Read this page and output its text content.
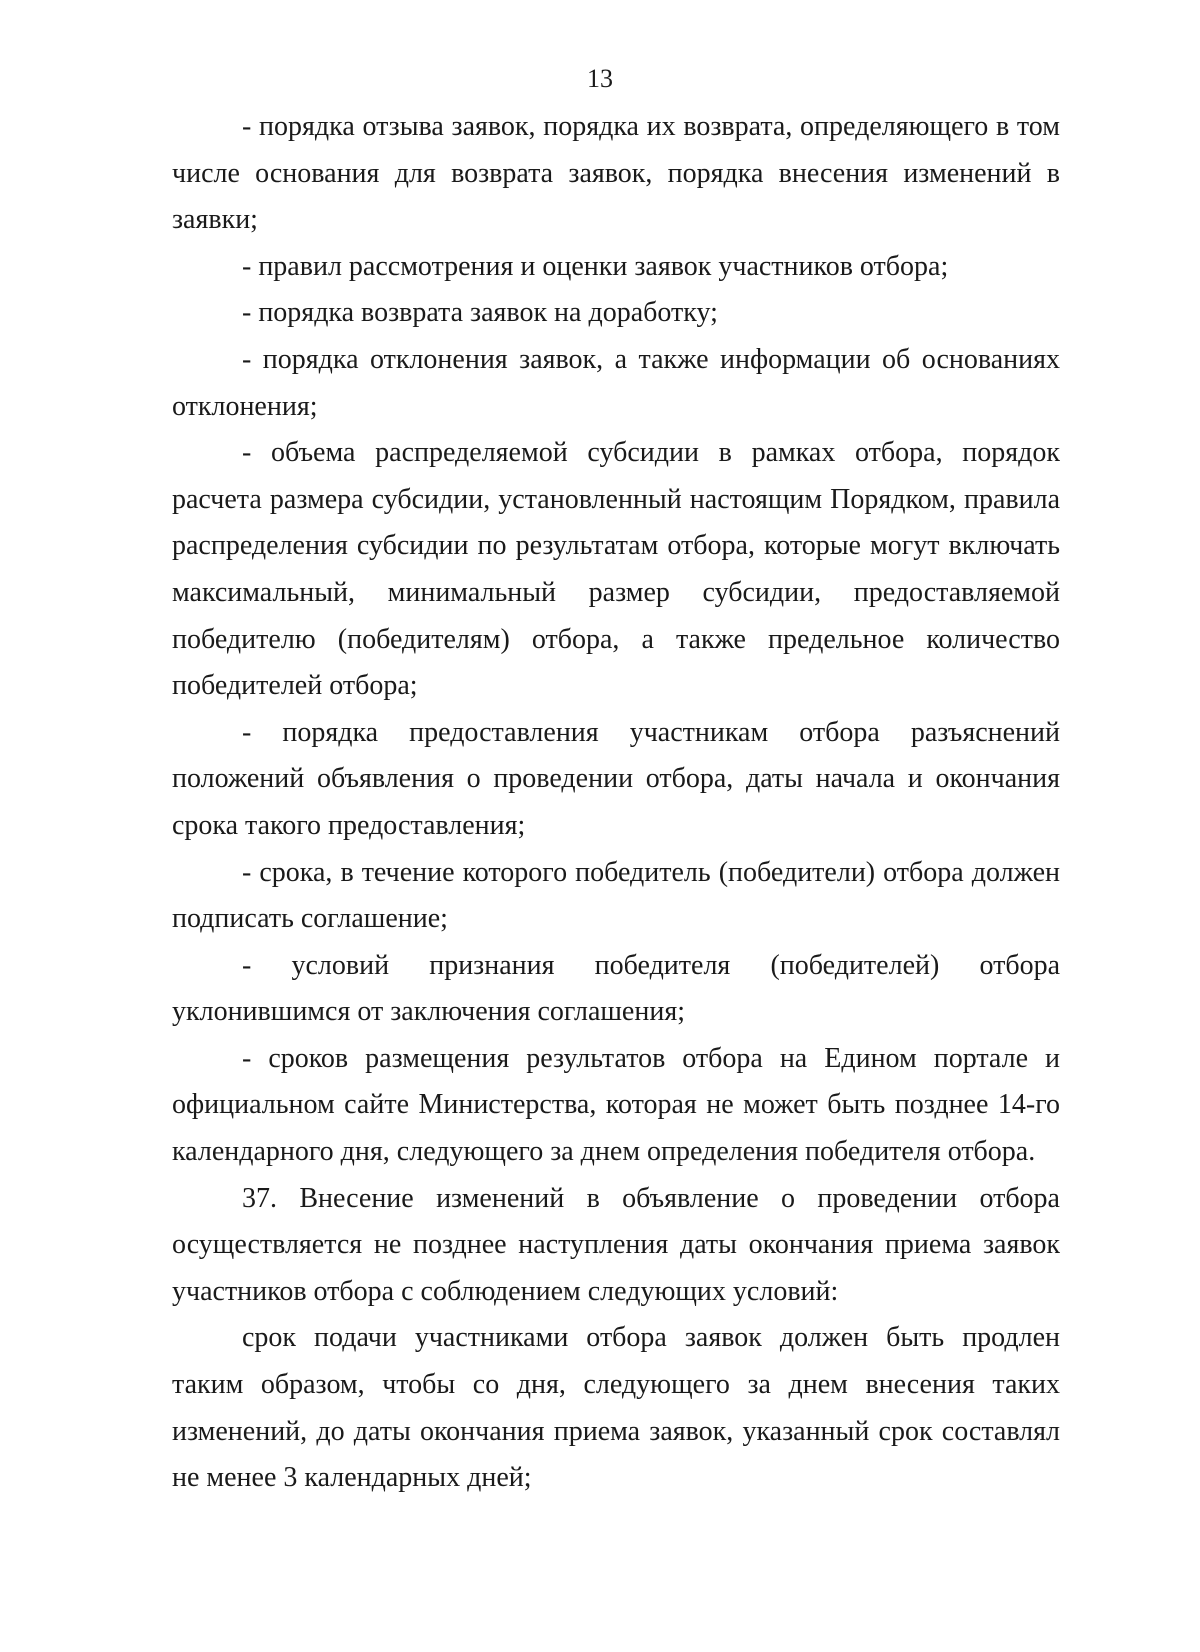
13

- порядка отзыва заявок, порядка их возврата, определяющего в том числе основания для возврата заявок, порядка внесения изменений в заявки;

- правил рассмотрения и оценки заявок участников отбора;

- порядка возврата заявок на доработку;

- порядка отклонения заявок, а также информации об основаниях отклонения;

- объема распределяемой субсидии в рамках отбора, порядок расчета размера субсидии, установленный настоящим Порядком, правила распределения субсидии по результатам отбора, которые могут включать максимальный, минимальный размер субсидии, предоставляемой победителю (победителям) отбора, а также предельное количество победителей отбора;

- порядка предоставления участникам отбора разъяснений положений объявления о проведении отбора, даты начала и окончания срока такого предоставления;

- срока, в течение которого победитель (победители) отбора должен подписать соглашение;

- условий признания победителя (победителей) отбора уклонившимся от заключения соглашения;

- сроков размещения результатов отбора на Едином портале и официальном сайте Министерства, которая не может быть позднее 14-го календарного дня, следующего за днем определения победителя отбора.

37. Внесение изменений в объявление о проведении отбора осуществляется не позднее наступления даты окончания приема заявок участников отбора с соблюдением следующих условий:

срок подачи участниками отбора заявок должен быть продлен таким образом, чтобы со дня, следующего за днем внесения таких изменений, до даты окончания приема заявок, указанный срок составлял не менее 3 календарных дней;
